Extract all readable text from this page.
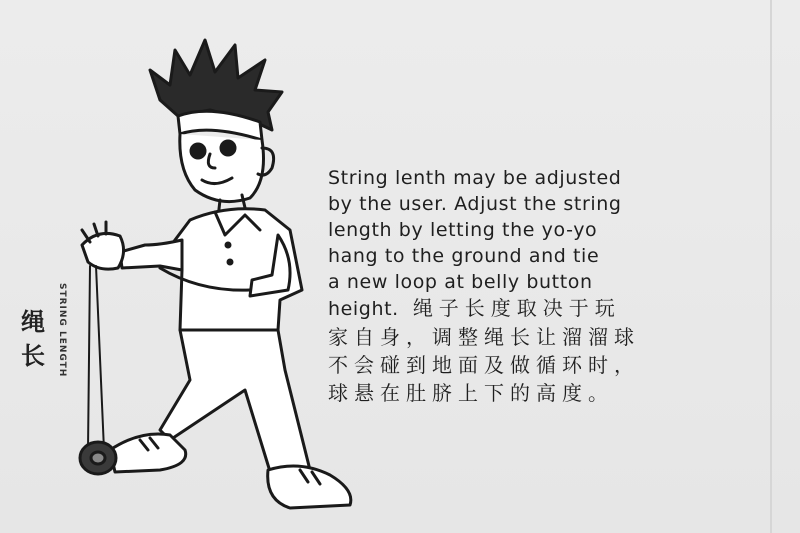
绳长	STRING LENGTH
String lenth may be adjusted
by the user. Adjust the string
length by letting the yo-yo
hang to the ground and tie
a new loop at belly button
height. 绳子长度取决于玩
家自身，调整绳长让溜溜球
不会碰到地面及做循环时，
球悬在肚脐上下的高度。
